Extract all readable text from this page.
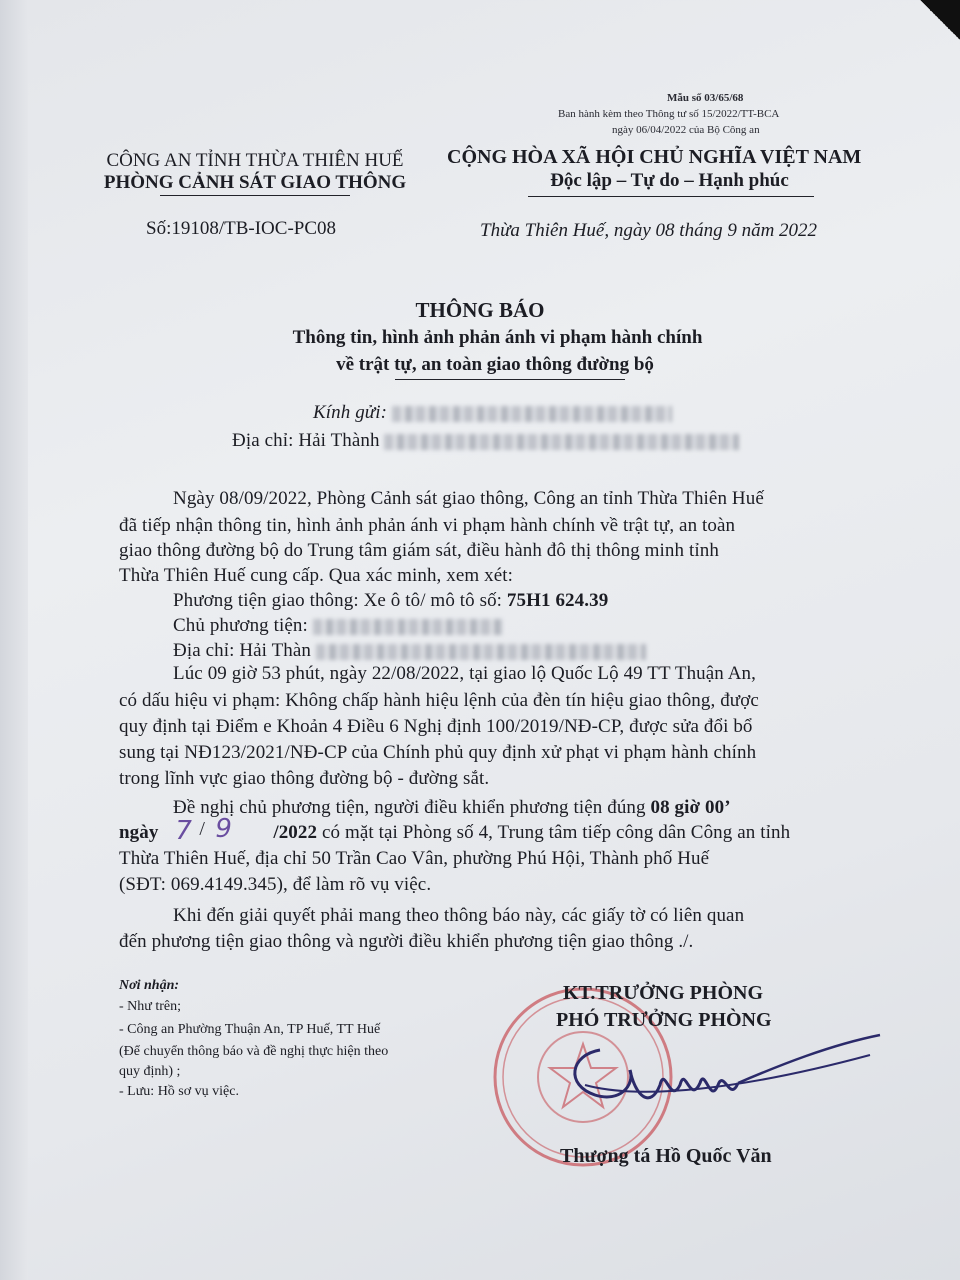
Mẫu số 03/65/68
Ban hành kèm theo Thông tư số 15/2022/TT-BCA
ngày 06/04/2022 của Bộ Công an
CÔNG AN TỈNH THỪA THIÊN HUẾ
PHÒNG CẢNH SÁT GIAO THÔNG
Số:19108/TB-IOC-PC08
CỘNG HÒA XÃ HỘI CHỦ NGHĨA VIỆT NAM
Độc lập – Tự do – Hạnh phúc
Thừa Thiên Huế, ngày 08 tháng 9 năm 2022
THÔNG BÁO
Thông tin, hình ảnh phản ánh vi phạm hành chính
về trật tự, an toàn giao thông đường bộ
Kính gửi:
Địa chỉ: Hải Thành
Ngày 08/09/2022, Phòng Cảnh sát giao thông, Công an tỉnh Thừa Thiên Huế
đã tiếp nhận thông tin, hình ảnh phản ánh vi phạm hành chính về trật tự, an toàn
giao thông đường bộ do Trung tâm giám sát, điều hành đô thị thông minh tỉnh
Thừa Thiên Huế cung cấp. Qua xác minh, xem xét:
Phương tiện giao thông: Xe ô tô/ mô tô số: 75H1 624.39
Chủ phương tiện:
Địa chỉ: Hải Thàn
Lúc 09 giờ 53 phút, ngày 22/08/2022, tại giao lộ Quốc Lộ 49 TT Thuận An,
có dấu hiệu vi phạm: Không chấp hành hiệu lệnh của đèn tín hiệu giao thông, được
quy định tại Điểm e Khoản 4 Điều 6 Nghị định 100/2019/NĐ-CP, được sửa đổi bổ
sung tại NĐ123/2021/NĐ-CP của Chính phủ quy định xử phạt vi phạm hành chính
trong lĩnh vực giao thông đường bộ - đường sắt.
Đề nghị chủ phương tiện, người điều khiển phương tiện đúng 08 giờ 00’
ngày 7 / 9 /2022 có mặt tại Phòng số 4, Trung tâm tiếp công dân Công an tỉnh
Thừa Thiên Huế, địa chỉ 50 Trần Cao Vân, phường Phú Hội, Thành phố Huế
(SĐT: 069.4149.345), để làm rõ vụ việc.
Khi đến giải quyết phải mang theo thông báo này, các giấy tờ có liên quan
đến phương tiện giao thông và người điều khiển phương tiện giao thông ./.
Nơi nhận:
- Như trên;
- Công an Phường Thuận An, TP Huế, TT Huế
(Để chuyển thông báo và đề nghị thực hiện theo
quy định) ;
- Lưu: Hồ sơ vụ việc.
KT.TRƯỞNG PHÒNG
PHÓ TRƯỞNG PHÒNG
Thượng tá Hồ Quốc Văn
